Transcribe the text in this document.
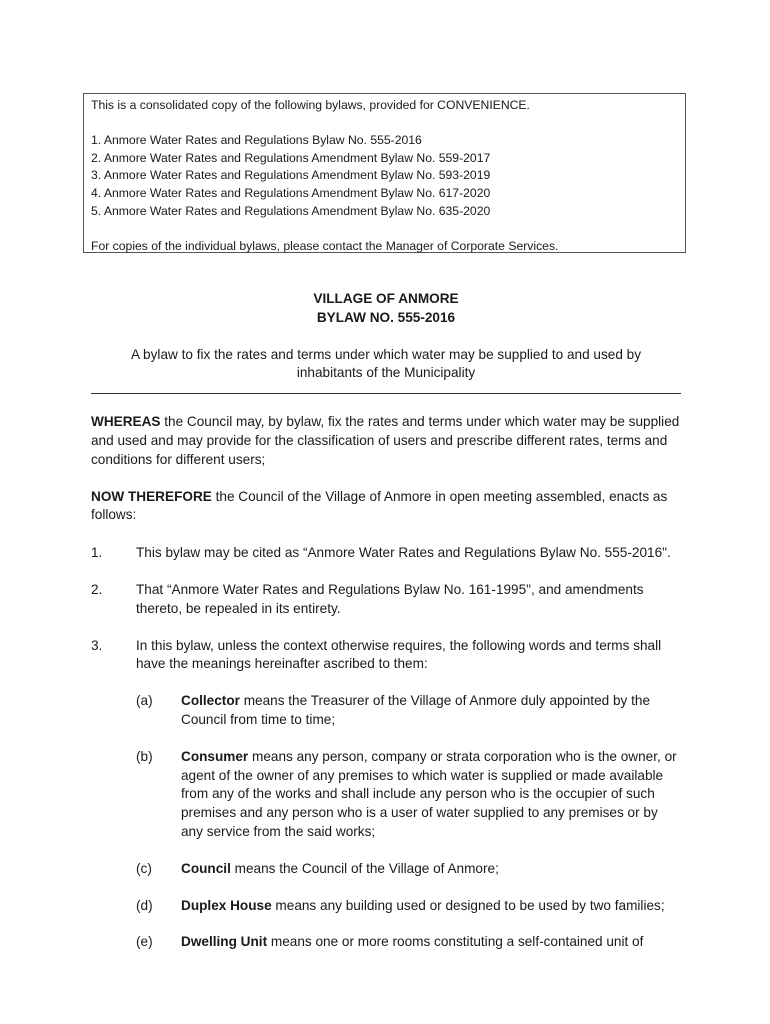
This is a consolidated copy of the following bylaws, provided for CONVENIENCE.

1. Anmore Water Rates and Regulations Bylaw No. 555-2016

2. Anmore Water Rates and Regulations Amendment Bylaw No. 559-2017

3. Anmore Water Rates and Regulations Amendment Bylaw No. 593-2019

4. Anmore Water Rates and Regulations Amendment Bylaw No. 617-2020

5. Anmore Water Rates and Regulations Amendment Bylaw No. 635-2020

For copies of the individual bylaws, please contact the Manager of Corporate Services.

VILLAGE OF ANMORE
BYLAW NO. 555-2016
A bylaw to fix the rates and terms under which water may be supplied to and used by inhabitants of the Municipality

WHEREAS the Council may, by bylaw, fix the rates and terms under which water may be supplied and used and may provide for the classification of users and prescribe different rates, terms and conditions for different users;

NOW THEREFORE the Council of the Village of Anmore in open meeting assembled, enacts as follows:

1.	This bylaw may be cited as “Anmore Water Rates and Regulations Bylaw No. 555-2016".
2.	That “Anmore Water Rates and Regulations Bylaw No. 161-1995", and amendments thereto, be repealed in its entirety.
3.	In this bylaw, unless the context otherwise requires, the following words and terms shall have the meanings hereinafter ascribed to them:
(a)	Collector means the Treasurer of the Village of Anmore duly appointed by the Council from time to time;
(b)	Consumer means any person, company or strata corporation who is the owner, or agent of the owner of any premises to which water is supplied or made available from any of the works and shall include any person who is the occupier of such premises and any person who is a user of water supplied to any premises or by any service from the said works;
(c)	Council means the Council of the Village of Anmore;
(d)	Duplex House means any building used or designed to be used by two families;
(e)	Dwelling Unit means one or more rooms constituting a self-contained unit of
